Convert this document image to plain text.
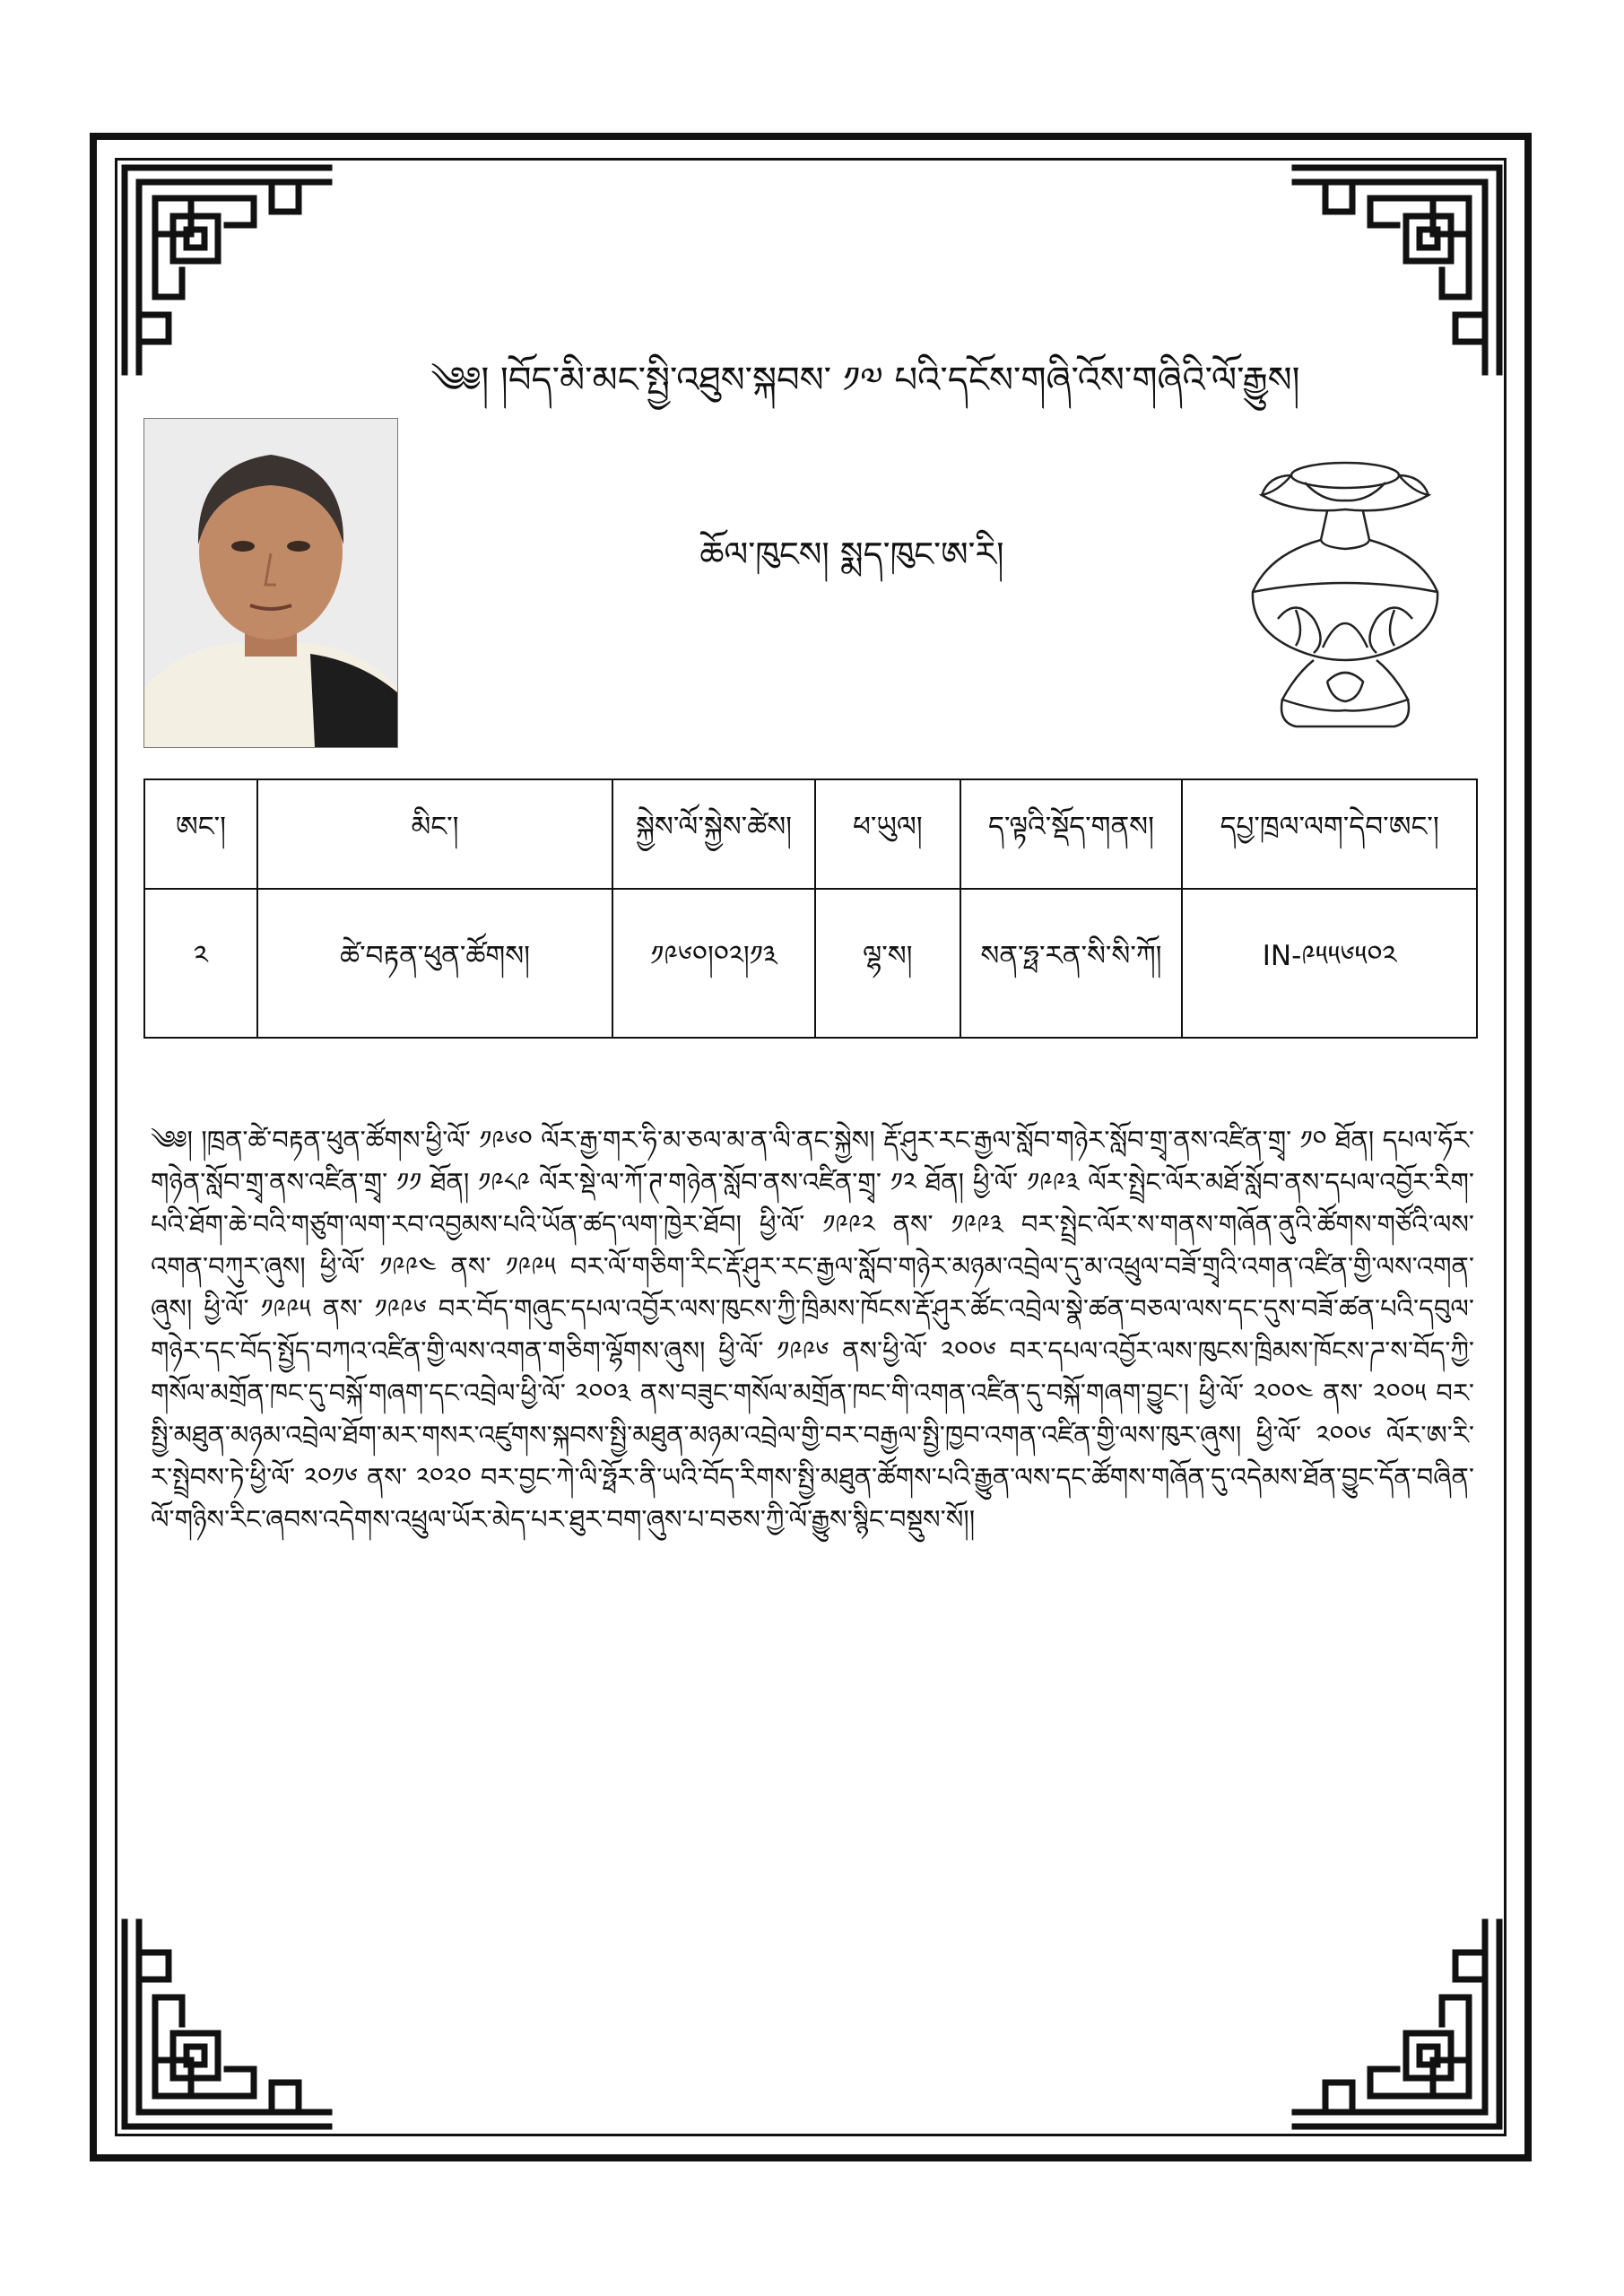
༄༅། །བོད་མི་མང་སྤྱི་འཐུས་སྐབས་ ༡༧ པའི་དངོས་གཞི་འོས་གཞིའི་ལོ་རྒྱུས།
ཆོལ་ཁུངས། སྨད་ཁུང་ཨ་རི།
ཨང་།	མིང་།	སྐྱེས་ལོ་སྐྱེས་ཚེས།	ཕ་ཡུལ།	ད་ལྟའི་སྡོད་གནས།	དཔྱ་ཁྲལ་ལག་དེབ་ཨང་།
༢	ཚེ་བརྟན་ཕུན་ཚོགས།	༡༩༦༠།༠༢།༡༣	ལྷ་ས།	སན་ཧྥ་རན་སི་སི་ཀོ།	IN-༩༥༥༦༥༠༢

༄༅། །ཁྲན་ཚེ་བརྟན་ཕུན་ཚོགས་ཕྱི་ལོ་ ༡༩༦༠ ལོར་རྒྱ་གར་ཧི་མ་ཅལ་མ་ན་ལི་ནང་སྐྱེས། རྡོ་ཤུར་རང་རྒྱལ་སློབ་གཉེར་སློབ་གྲྭ་ནས་འཛིན་གྲྭ་ ༡༠ ཐོན། དཔལ་ཧོར་གཉེན་སློབ་གྲྭ་ནས་འཛིན་གྲྭ་ ༡༡ ཐོན། ༡༩༨༩ ལོར་སྡེ་ལ་ཀོ་ཊ་གཉེན་སློབ་ནས་འཛིན་གྲྭ་ ༡༢ ཐོན། ཕྱི་ལོ་ ༡༩༩༣ ལོར་སྤྲེང་ལོར་མཐོ་སློབ་ནས་དཔལ་འབྱོར་རིག་པའི་ཐོག་ཆེ་བའི་གཙུག་ལག་རབ་འབྱམས་པའི་ཡོན་ཚད་ལག་ཁྱེར་ཐོབ། ཕྱི་ལོ་ ༡༩༩༢ ནས་ ༡༩༩༣ བར་སྤྲེང་ལོར་ས་གནས་གཞོན་ནུའི་ཚོགས་གཙོའི་ལས་འགན་བཀུར་ཞུས། ཕྱི་ལོ་ ༡༩༩༤ ནས་ ༡༩༩༥ བར་ལོ་གཅིག་རིང་རྡོ་ཤུར་རང་རྒྱལ་སློབ་གཉེར་མཉམ་འབྲེལ་དུ་མ་འཕྲུལ་བཟོ་གྲྭའི་འགན་འཛིན་གྱི་ལས་འགན་ཞུས། ཕྱི་ལོ་ ༡༩༩༥ ནས་ ༡༩༩༦ བར་བོད་གཞུང་དཔལ་འབྱོར་ལས་ཁུངས་ཀྱི་ཁྲིམས་ཁོངས་རྡོ་ཤུར་ཚོང་འབྲེལ་སྣེ་ཚན་བཅལ་ལས་དང་དུས་བཟོ་ཚན་པའི་དབུལ་གཉེར་དང་བོད་སྤྱོད་བཀའ་འཛིན་གྱི་ལས་འགན་གཅིག་ལྷོགས་ཞུས། ཕྱི་ལོ་ ༡༩༩༦ ནས་ཕྱི་ལོ་ ༢༠༠༦ བར་དཔལ་འབྱོར་ལས་ཁུངས་ཁྲིམས་ཁོངས་ཌ་ས་བོད་ཀྱི་གསོལ་མགྲོན་ཁང་དུ་བསྐོ་གཞག་དང་འབྲེལ་ཕྱི་ལོ་ ༢༠༠༣ ནས་བཟུང་གསོལ་མགྲོན་ཁང་གི་འགན་འཛིན་དུ་བསྐོ་གཞག་བྱུང་། ཕྱི་ལོ་ ༢༠༠༤ ནས་ ༢༠༠༥ བར་སྤྱི་མཐུན་མཉམ་འབྲེལ་ཐོག་མར་གསར་འཛུགས་སྐབས་སྤྱི་མཐུན་མཉམ་འབྲེལ་གྱི་བར་བརྒྱལ་སྤྱི་ཁྱབ་འགན་འཛིན་གྱི་ལས་ཁུར་ཞུས། ཕྱི་ལོ་ ༢༠༠༦ ལོར་ཨ་རི་ར་སྤྲེབས་ཏེ་ཕྱི་ལོ་ ༢༠༡༦ ནས་ ༢༠༢༠ བར་བྱང་ཀེ་ལི་ཧྥོར་ནི་ཡའི་བོད་རིགས་སྤྱི་མཐུན་ཚོགས་པའི་རྒྱུན་ལས་དང་ཚོགས་གཞོན་དུ་འདེམས་ཐོན་བྱུང་དོན་བཞིན་ལོ་གཉིས་རིང་ཞབས་འདེགས་འཕྲུལ་ཡོར་མེད་པར་ཐུར་བག་ཞུས་པ་བཅས་ཀྱི་ལོ་རྒྱུས་སྙིང་བསྡུས་སོ།།
